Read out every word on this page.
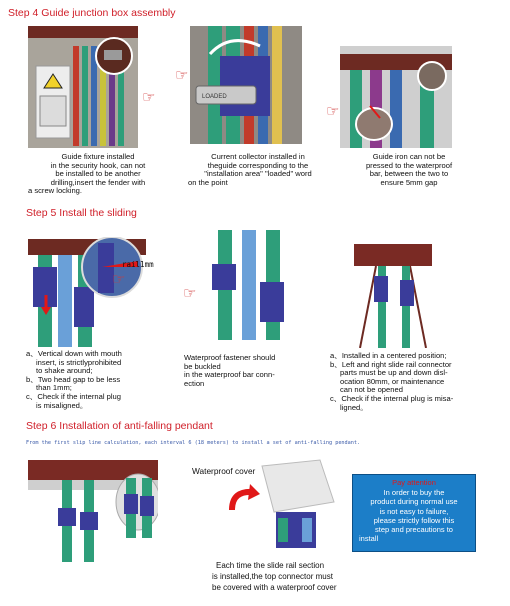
Step 4 Guide junction box assembly
☞	LOADED
☞
☞
Guide fixture installed
in the security hook, can not
be installed to be another
drilling,insert the fender with
a screw locking.
Current collector installed in
theguide corresponding to the
"installation area" "loaded" word
on the point
Guide iron can not be
pressed to the waterproof
bar, between the two to
ensure 5mm gap
Step 5 Install the sliding
rail1mm
☞
☞
a、Vertical down with mouth
insert, is strictlyprohibited
to shake around;
b、Two head gap to be less
than 1mm;
c、Check if the internal plug
is misaligned。
Waterproof fastener should
be buckled
in the waterproof bar conn-
ection
a、Installed in a centered position;
b、Left and right slide rail connector
parts must be up and down disl-
ocation 80mm, or maintenance
can not be opened
c、Check if the internal plug is misa-
ligned。
Step 6 Installation of anti-falling pendant
From the first slip line calculation, each interval 6 (18 meters) to install a set of anti-falling pendant.
Waterproof cover
Pay attention
In order to buy the
product during normal use
is not easy to failure,
please strictly follow this
step and precautions to
install
Each time the slide rail section
is installed,the top connector must
be covered with a waterproof cover
